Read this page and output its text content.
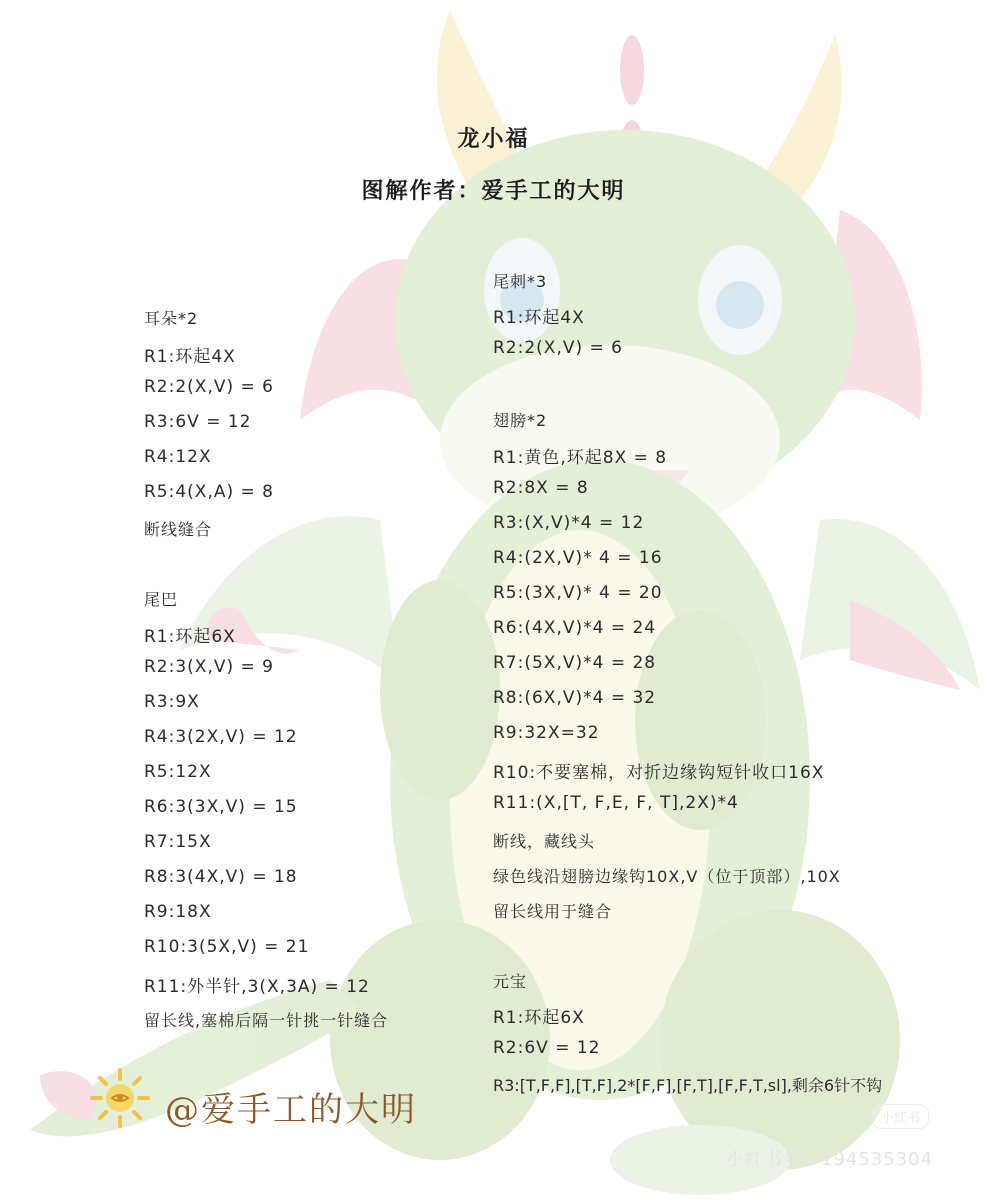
龙小福
图解作者：爱手工的大明
耳朵*2
R1:环起4X
R2:2(X,V) = 6
R3:6V = 12
R4:12X
R5:4(X,A) = 8
断线缝合
尾巴
R1:环起6X
R2:3(X,V) = 9
R3:9X
R4:3(2X,V) = 12
R5:12X
R6:3(3X,V) = 15
R7:15X
R8:3(4X,V) = 18
R9:18X
R10:3(5X,V) = 21
R11:外半针,3(X,3A) = 12
留长线,塞棉后隔一针挑一针缝合
尾刺*3
R1:环起4X
R2:2(X,V) = 6
翅膀*2
R1:黄色,环起8X = 8
R2:8X = 8
R3:(X,V)*4 = 12
R4:(2X,V)* 4 = 16
R5:(3X,V)* 4 = 20
R6:(4X,V)*4 = 24
R7:(5X,V)*4 = 28
R8:(6X,V)*4 = 32
R9:32X=32
R10:不要塞棉，对折边缘钩短针收口16X
R11:(X,[T, F,E, F, T],2X)*4
断线，藏线头
绿色线沿翅膀边缘钩10X,V（位于顶部）,10X
留长线用于缝合
元宝
R1:环起6X
R2:6V = 12
R3:[T,F,F],[T,F],2*[F,F],[F,T],[F,F,T,sl],剩余6针不钩
@爱手工的大明	小红书
小红书号：194535304
